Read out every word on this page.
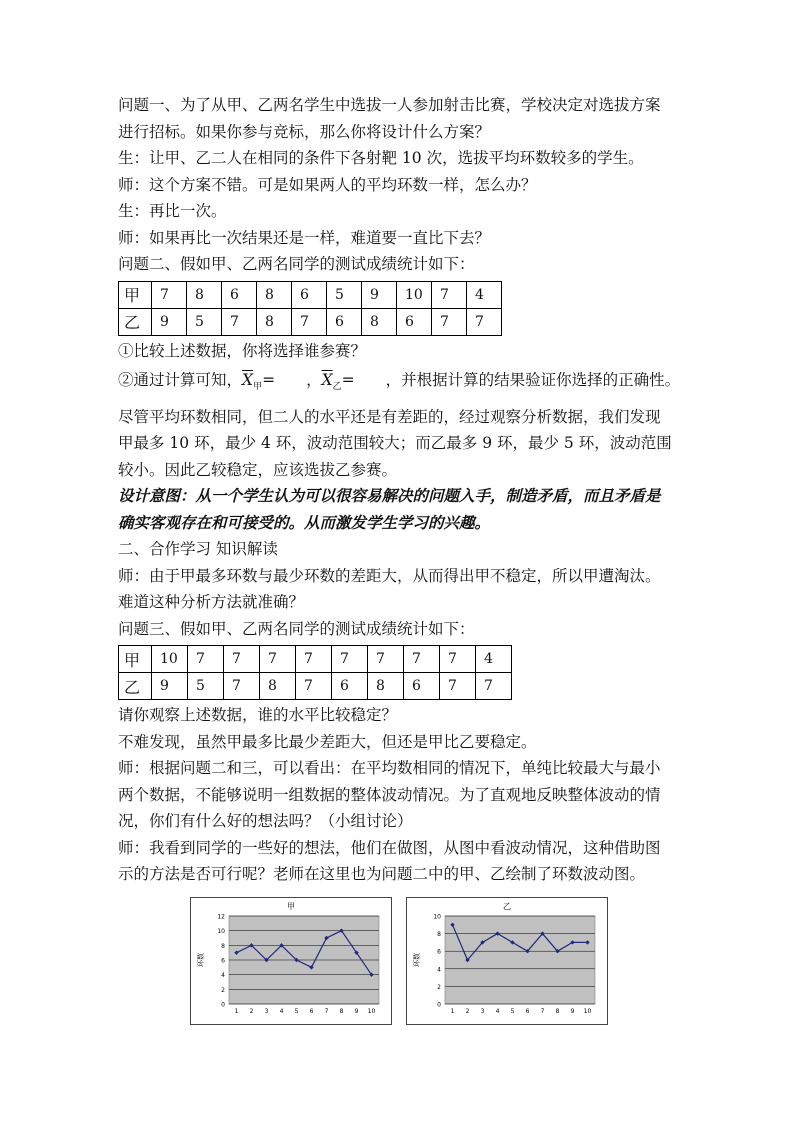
问题一、为了从甲、乙两名学生中选拔一人参加射击比赛，学校决定对选拔方案

进行招标。如果你参与竞标，那么你将设计什么方案？

生：让甲、乙二人在相同的条件下各射靶 10 次，选拔平均环数较多的学生。

师：这个方案不错。可是如果两人的平均环数一样，怎么办？

生：再比一次。

师：如果再比一次结果还是一样，难道要一直比下去？

问题二、假如甲、乙两名同学的测试成绩统计如下：

甲	7	8	6	8	6	5	9	10	7	4
乙	9	5	7	8	7	6	8	6	7	7

①比较上述数据，你将选择谁参赛？

②通过计算可知，$\overline{X}_甲=$　　，$\overline{X}_乙=$　　，并根据计算的结果验证你选择的正确性。

尽管平均环数相同，但二人的水平还是有差距的，经过观察分析数据，我们发现

甲最多 10 环，最少 4 环，波动范围较大；而乙最多 9 环，最少 5 环，波动范围

较小。因此乙较稳定，应该选拔乙参赛。

设计意图：从一个学生认为可以很容易解决的问题入手，制造矛盾，而且矛盾是

确实客观存在和可接受的。从而激发学生学习的兴趣。

二、合作学习 知识解读

师：由于甲最多环数与最少环数的差距大，从而得出甲不稳定，所以甲遭淘汰。

难道这种分析方法就准确？

问题三、假如甲、乙两名同学的测试成绩统计如下：

甲	10	7	7	7	7	7	7	7	7	4
乙	9	5	7	8	7	6	8	6	7	7

请你观察上述数据，谁的水平比较稳定？

不难发现，虽然甲最多比最少差距大，但还是甲比乙要稳定。

师：根据问题二和三，可以看出：在平均数相同的情况下，单纯比较最大与最小

两个数据，不能够说明一组数据的整体波动情况。为了直观地反映整体波动的情

况，你们有什么好的想法吗？（小组讨论）

师：我看到同学的一些好的想法，他们在做图，从图中看波动情况，这种借助图

示的方法是否可行呢？老师在这里也为问题二中的甲、乙绘制了环数波动图。

甲
0
2
4
6
8
10
12
1 2 3 4 5 6 7 8 9 10
环数
乙
0
2
4
6
8
10
1 2 3 4 5 6 7 8 9 10
环数
